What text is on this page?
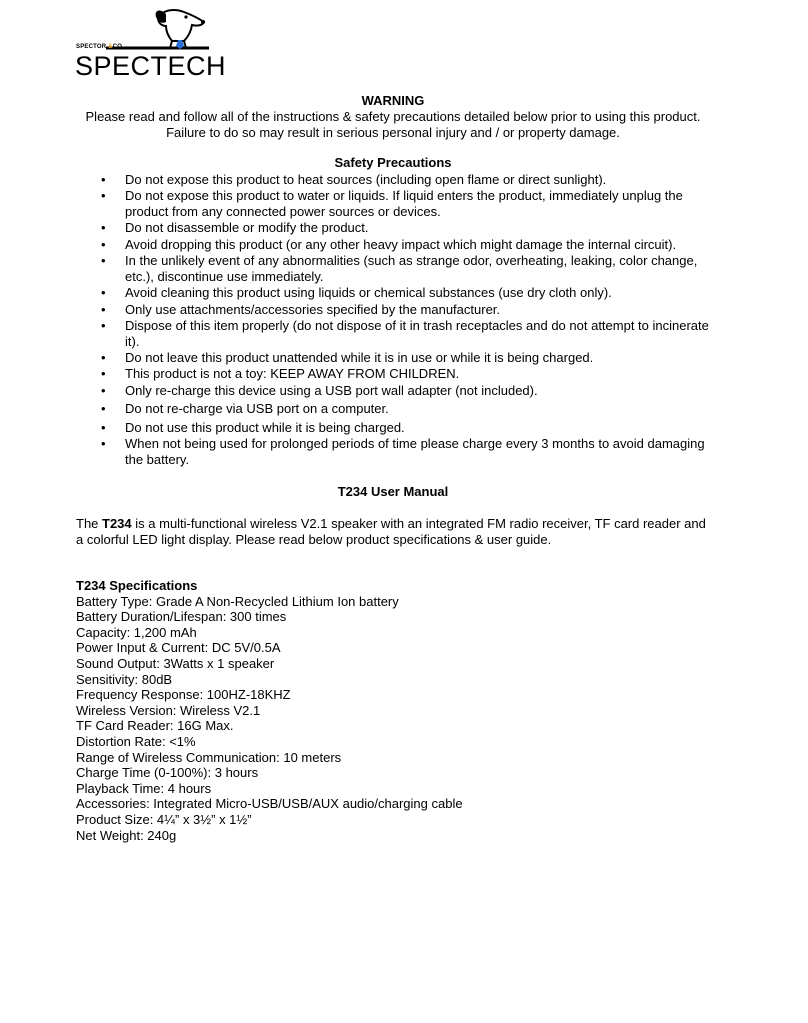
SPECTOR &CO
SPECTECH
WARNING
Please read and follow all of the instructions & safety precautions detailed below prior to using this product. Failure to do so may result in serious personal injury and / or property damage.
Safety Precautions
• Do not expose this product to heat sources (including open flame or direct sunlight).
• Do not expose this product to water or liquids. If liquid enters the product, immediately unplug the product from any connected power sources or devices.
• Do not disassemble or modify the product.
• Avoid dropping this product (or any other heavy impact which might damage the internal circuit).
• In the unlikely event of any abnormalities (such as strange odor, overheating, leaking, color change, etc.), discontinue use immediately.
• Avoid cleaning this product using liquids or chemical substances (use dry cloth only).
• Only use attachments/accessories specified by the manufacturer.
• Dispose of this item properly (do not dispose of it in trash receptacles and do not attempt to incinerate it).
• Do not leave this product unattended while it is in use or while it is being charged.
• This product is not a toy: KEEP AWAY FROM CHILDREN.
• Only re-charge this device using a USB port wall adapter (not included).
• Do not re-charge via USB port on a computer.
• Do not use this product while it is being charged.
• When not being used for prolonged periods of time please charge every 3 months to avoid damaging the battery.
T234 User Manual
The T234 is a multi-functional wireless V2.1 speaker with an integrated FM radio receiver, TF card reader and a colorful LED light display. Please read below product specifications & user guide.
T234 Specifications
Battery Type: Grade A Non-Recycled Lithium Ion battery
Battery Duration/Lifespan: 300 times
Capacity: 1,200 mAh
Power Input & Current: DC 5V/0.5A
Sound Output: 3Watts x 1 speaker
Sensitivity: 80dB
Frequency Response: 100HZ-18KHZ
Wireless Version: Wireless V2.1
TF Card Reader: 16G Max.
Distortion Rate: <1%
Range of Wireless Communication: 10 meters
Charge Time (0-100%): 3 hours
Playback Time: 4 hours
Accessories: Integrated Micro-USB/USB/AUX audio/charging cable
Product Size: 4¼” x 3½” x 1½”
Net Weight: 240g
